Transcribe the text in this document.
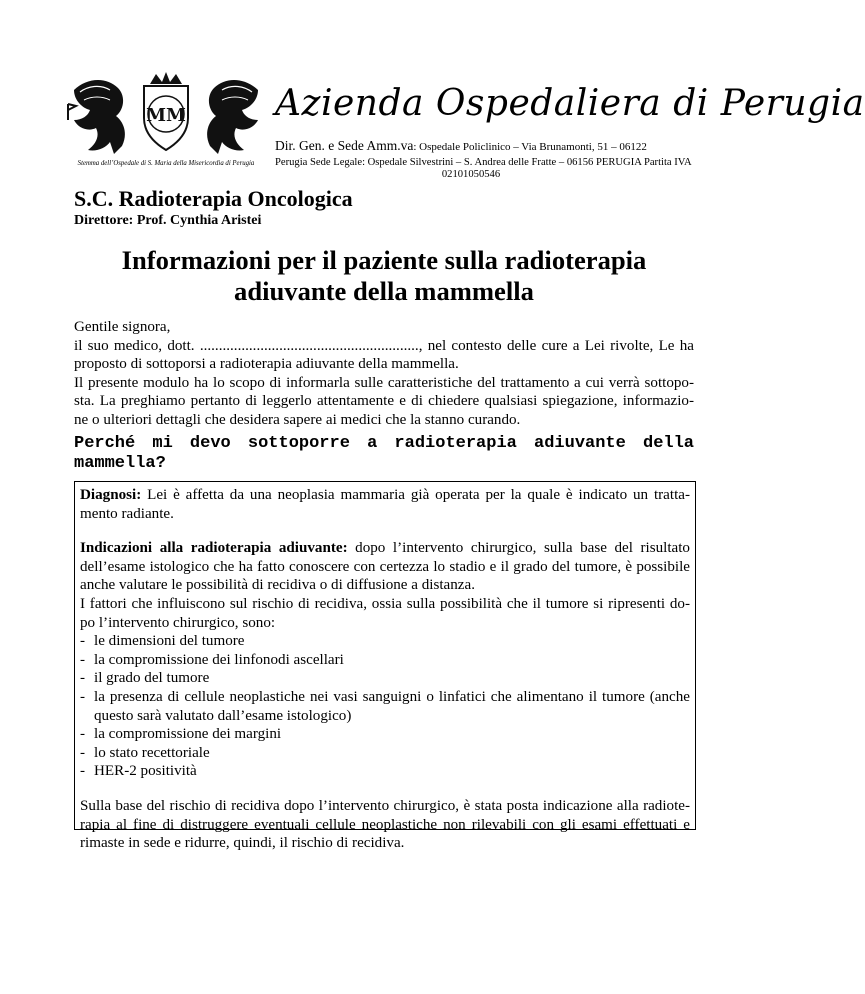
MM
Stemma dell’Ospedale di S. Maria della Misericordia di Perugia
Azienda Ospedaliera di Perugia
Dir. Gen. e Sede Amm.va: Ospedale Policlinico – Via Brunamonti, 51 – 06122
Perugia Sede Legale: Ospedale Silvestrini – S. Andrea delle Fratte – 06156 PERUGIA Partita IVA
02101050546
S.C. Radioterapia Oncologica
Direttore: Prof. Cynthia Aristei
Informazioni per il paziente sulla radioterapia
adiuvante della mammella

Gentile signora,

il suo medico, dott. .........................................................., nel contesto delle cure a Lei rivolte, Le ha

proposto di sottoporsi a radioterapia adiuvante della mammella.

Il presente modulo ha lo scopo di informarla sulle caratteristiche del trattamento a cui verrà sottopo-

sta. La preghiamo pertanto di leggerlo attentamente e di chiedere qualsiasi spiegazione, informazio-

ne o ulteriori dettagli che desidera sapere ai medici che la stanno curando.

Perché mi devo sottoporre a radioterapia adiuvante della
mammella?

Diagnosi: Lei è affetta da una neoplasia mammaria già operata per la quale è indicato un tratta-
mento radiante.

Indicazioni alla radioterapia adiuvante: dopo l’intervento chirurgico, sulla base del risultato
dell’esame istologico che ha fatto conoscere con certezza lo stadio e il grado del tumore, è possibile
anche valutare le possibilità di recidiva o di diffusione a distanza.
I fattori che influiscono sul rischio di recidiva, ossia sulla possibilità che il tumore si ripresenti do-
po l’intervento chirurgico, sono:

- le dimensioni del tumore
- la compromissione dei linfonodi ascellari
- il grado del tumore
- la presenza di cellule neoplastiche nei vasi sanguigni o linfatici che alimentano il tumore (anche
questo sarà valutato dall’esame istologico)
- la compromissione dei margini
- lo stato recettoriale
- HER-2 positività

Sulla base del rischio di recidiva dopo l’intervento chirurgico, è stata posta indicazione alla radiote-
rapia al fine di distruggere eventuali cellule neoplastiche non rilevabili con gli esami effettuati e
rimaste in sede e ridurre, quindi, il rischio di recidiva.
